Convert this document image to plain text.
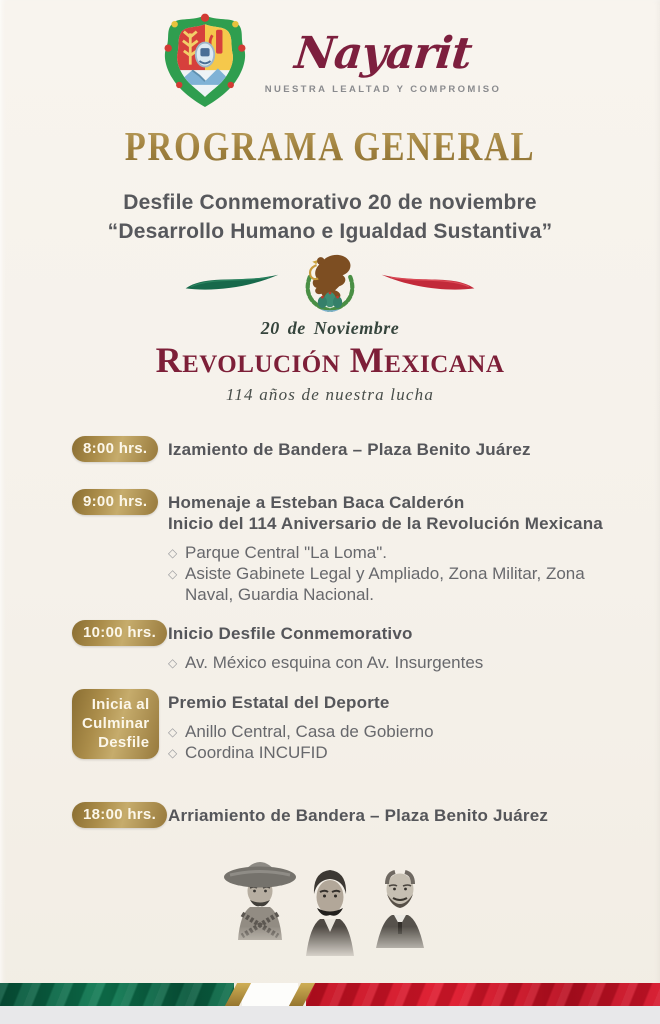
Nayarit
NUESTRA LEALTAD Y COMPROMISO
PROGRAMA GENERAL
Desfile Conmemorativo 20 de noviembre
“Desarrollo Humano e Igualdad Sustantiva”
20 de Noviembre
Revolución Mexicana
114 años de nuestra lucha
8:00 hrs.	Izamiento de Bandera – Plaza Benito Juárez
9:00 hrs.	Homenaje a Esteban Baca Calderón
Inicio del 114 Aniversario de la Revolución Mexicana
◇ Parque Central "La Loma".
◇ Asiste Gabinete Legal y Ampliado, Zona Militar, Zona Naval, Guardia Nacional.
10:00 hrs. Inicio Desfile Conmemorativo
◇ Av. México esquina con Av. Insurgentes
Inicia al
Culminar
Desfile
Premio Estatal del Deporte
◇ Anillo Central, Casa de Gobierno
◇ Coordina INCUFID
18:00 hrs. Arriamiento de Bandera – Plaza Benito Juárez
